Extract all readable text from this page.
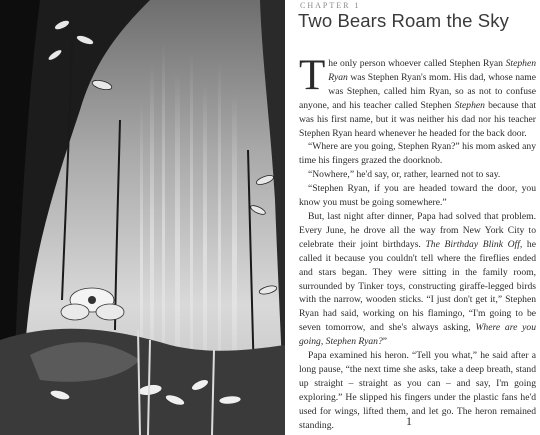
CHAPTER 1
Two Bears Roam the Sky

The only person whoever called Stephen Ryan Stephen Ryan was Stephen Ryan's mom. His dad, whose name was Stephen, called him Ryan, so as not to confuse anyone, and his teacher called Stephen Stephen because that was his first name, but it was neither his dad nor his teacher Stephen Ryan heard whenever he headed for the back door.

“Where are you going, Stephen Ryan?” his mom asked any time his fingers grazed the doorknob.

“Nowhere,” he'd say, or, rather, learned not to say.

“Stephen Ryan, if you are headed toward the door, you know you must be going somewhere.”

But, last night after dinner, Papa had solved that problem. Every June, he drove all the way from New York City to celebrate their joint birthdays. The Birthday Blink Off, he called it because you couldn't tell where the fireflies ended and stars began. They were sitting in the family room, surrounded by Tinker toys, constructing giraffe-legged birds with the narrow, wooden sticks. “I just don't get it,” Stephen Ryan had said, working on his flamingo, “I'm going to be seven tomorrow, and she's always asking, Where are you going, Stephen Ryan?”

Papa examined his heron. “Tell you what,” he said after a long pause, “the next time she asks, take a deep breath, stand up straight – straight as you can – and say, I'm going exploring.” He slipped his fingers under the plastic fans he'd used for wings, lifted them, and let go. The heron remained standing.	1
